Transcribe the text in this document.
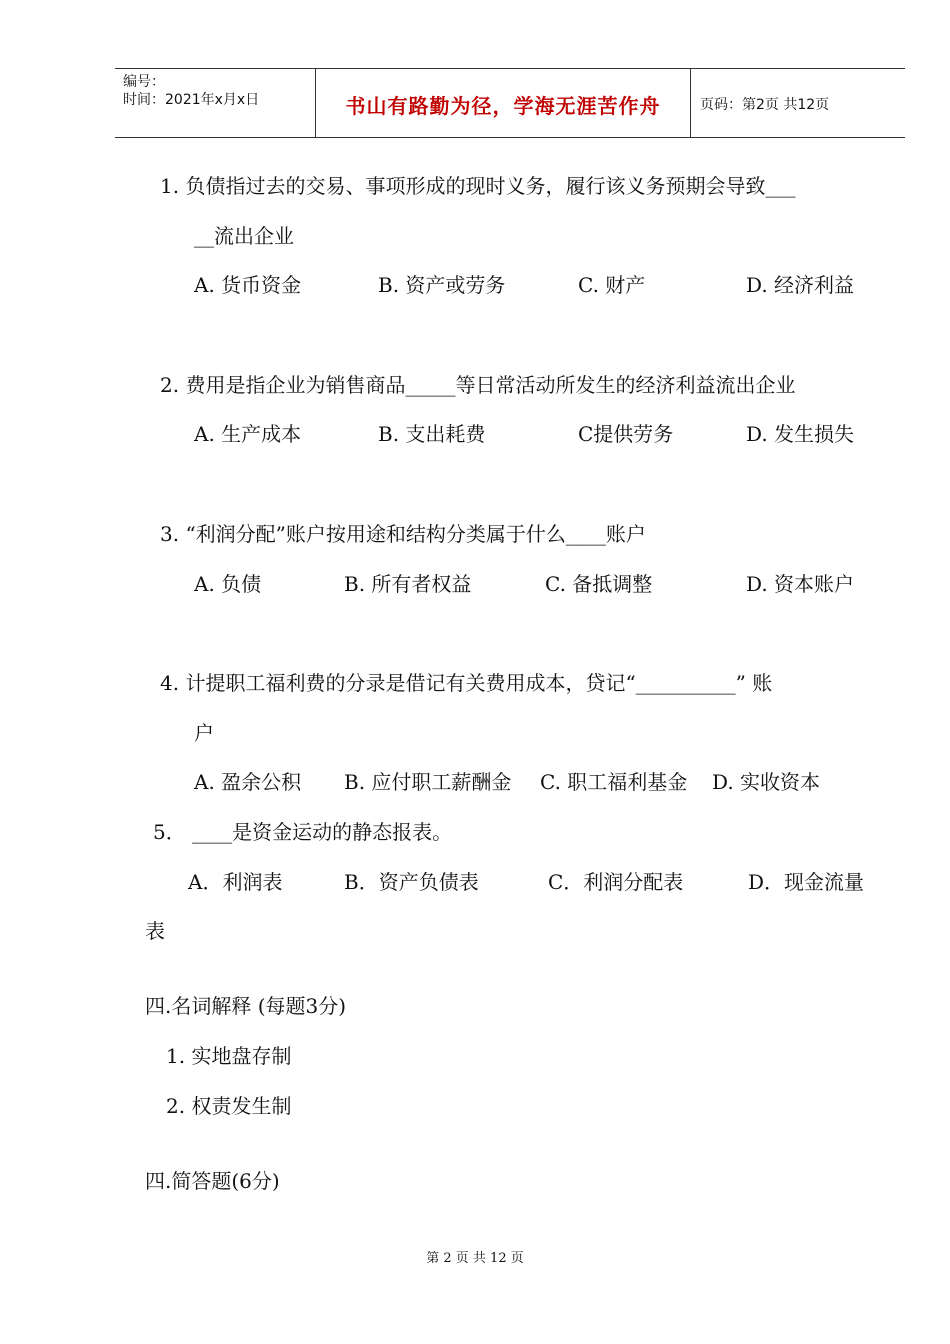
编号：
时间：2021年x月x日	书山有路勤为径，学海无涯苦作舟	页码：第2页 共12页
1. 负债指过去的交易、事项形成的现时义务，履行该义务预期会导致___
__流出企业
A. 货币资金	B. 资产或劳务	C. 财产	D. 经济利益
2. 费用是指企业为销售商品_____等日常活动所发生的经济利益流出企业
A. 生产成本	B. 支出耗费	C提供劳务	D. 发生损失
3. “利润分配”账户按用途和结构分类属于什么____账户
A. 负债	B. 所有者权益	C. 备抵调整	D. 资本账户
4. 计提职工福利费的分录是借记有关费用成本，贷记“__________” 账
户
A. 盈余公积 B. 应付职工薪酬金 C. 职工福利基金 D. 实收资本
5． ____是资金运动的静态报表。
A．利润表	B．资产负债表	C．利润分配表	D．现金流量
表
四.名词解释 (每题3分)
1. 实地盘存制
2. 权责发生制
四.简答题(6分)
第 2 页 共 12 页
